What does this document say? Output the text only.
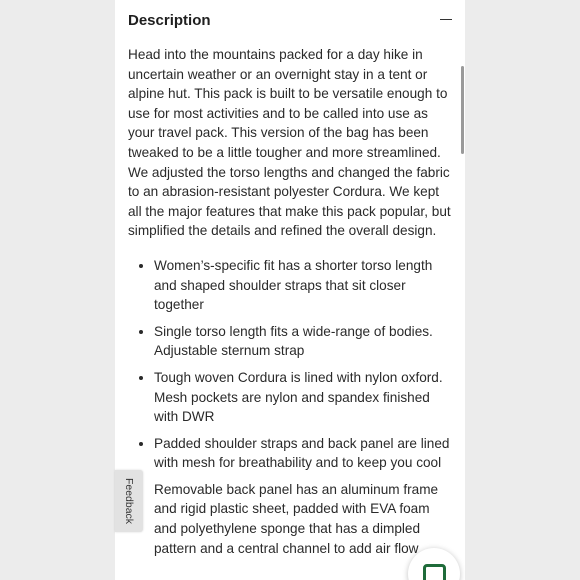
Description

Head into the mountains packed for a day hike in uncertain weather or an overnight stay in a tent or alpine hut. This pack is built to be versatile enough to use for most activities and to be called into use as your travel pack. This version of the bag has been tweaked to be a little tougher and more streamlined. We adjusted the torso lengths and changed the fabric to an abrasion-resistant polyester Cordura. We kept all the major features that make this pack popular, but simplified the details and refined the overall design.

• Women’s-specific fit has a shorter torso length and shaped shoulder straps that sit closer together
• Single torso length fits a wide-range of bodies. Adjustable sternum strap
• Tough woven Cordura is lined with nylon oxford. Mesh pockets are nylon and spandex finished with DWR
• Padded shoulder straps and back panel are lined with mesh for breathability and to keep you cool
• Removable back panel has an aluminum frame and rigid plastic sheet, padded with EVA foam and polyethylene sponge that has a dimpled pattern and a central channel to add air flow
Feedback
